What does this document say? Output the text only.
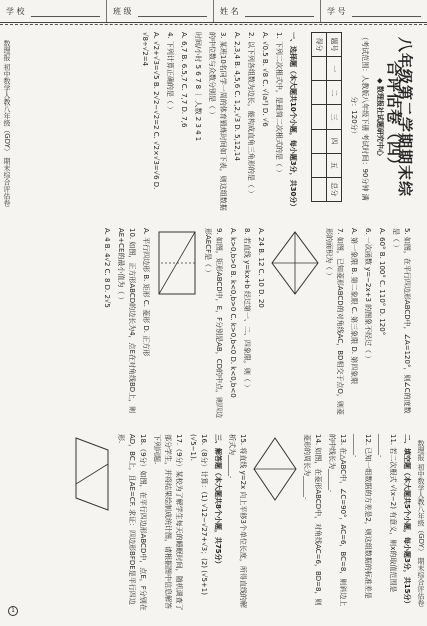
学 校	班 级	姓 名	学 号
八年级第二学期期末综合评估卷（四）
◆ 数理报社试题研究中心
（考试范围：人教版八年级下册 考试时间：90分钟 满分：120分）
题号	一	二	三	四	五	总分
得分						

一、选择题（本大题共10个小题，每小题3分，共30分）

1. 下列二次根式中，是最简二次根式的是（ ）

A. √0.5 B. √8 C. √(a²) D. √6

2. 以下列各组数为边长，能构成直角三角形的是（ ）

A. 2,3,4 B. 4,5,6 C. 1,2,√3 D. 5,12,14

3. 某班10名同学一周的体育锻炼时间如下表，则这组数据的中位数与众数分别是（ ）

时间/小时 5 6 7 8 ｜ 人数 2 3 4 1

A. 6,7 B. 6.5,7 C. 7,7 D. 7,6

4. 下列计算正确的是（ ）

A. √2+√3=√5 B. 2√2−√2=2 C. √2×√3=√6 D. √8÷√2=4

5. 如图，在平行四边形ABCD中，∠A=120°，则∠C的度数是（ ）

A. 60° B. 100° C. 110° D. 120°

6. 一次函数 y=−2x+3 的图象不经过（ ）

A. 第一象限 B. 第二象限 C. 第三象限 D. 第四象限

7. 如图，已知菱形ABCD的对角线AC，BD相交于点O，则菱形的面积为（ ）

A. 24 B. 12 C. 10 D. 20

8. 若直线 y=kx+b 经过第一、二、四象限，则（ ）

A. k>0,b>0 B. k<0,b>0 C. k>0,b<0 D. k<0,b<0

9. 如图，矩形ABCD中，E，F分别是AB，CD的中点，则四边形AECF是（ ）

A. 平行四边形 B. 矩形 C. 菱形 D. 正方形

10. 如图，正方形ABCD的边长为4，点E在对角线BD上，则AE+CE的最小值为（ ）

A. 4 B. 4√2 C. 8 D. 2√5

二、填空题（本大题共5个小题，每小题3分，共15分）

11. 若二次根式 √(x−2) 有意义，则x的取值范围是______.

12. 已知一组数据的方差是2，则这组数据的标准差是______.

13. 在△ABC中，∠C=90°，AC=6，BC=8，则斜边上的中线长为______.

14. 如图，在菱形ABCD中，对角线AC=6，BD=8，则菱形的周长为______.

15. 将直线 y=2x 向上平移3个单位长度，所得直线的解析式为______.

三、解答题（本大题共8个小题，共75分）

16.（8分）计算：(1) √12−√27+√3；(2) (√5+1)(√5−1).

17.（9分）某校为了解学生每天的睡眠时间，随机调查了部分学生，并将结果绘制成统计图，请根据图中信息解答下列问题.

18.（9分）如图，在平行四边形ABCD中，点E，F分别在AD，BC上，且AE=CF. 求证：四边形BFDE是平行四边形.

数理报 初中数学人教八年级（GDY） 期末综合评估卷
数理报 初中数学人教八年级（GDY） 期末综合评估卷
1
